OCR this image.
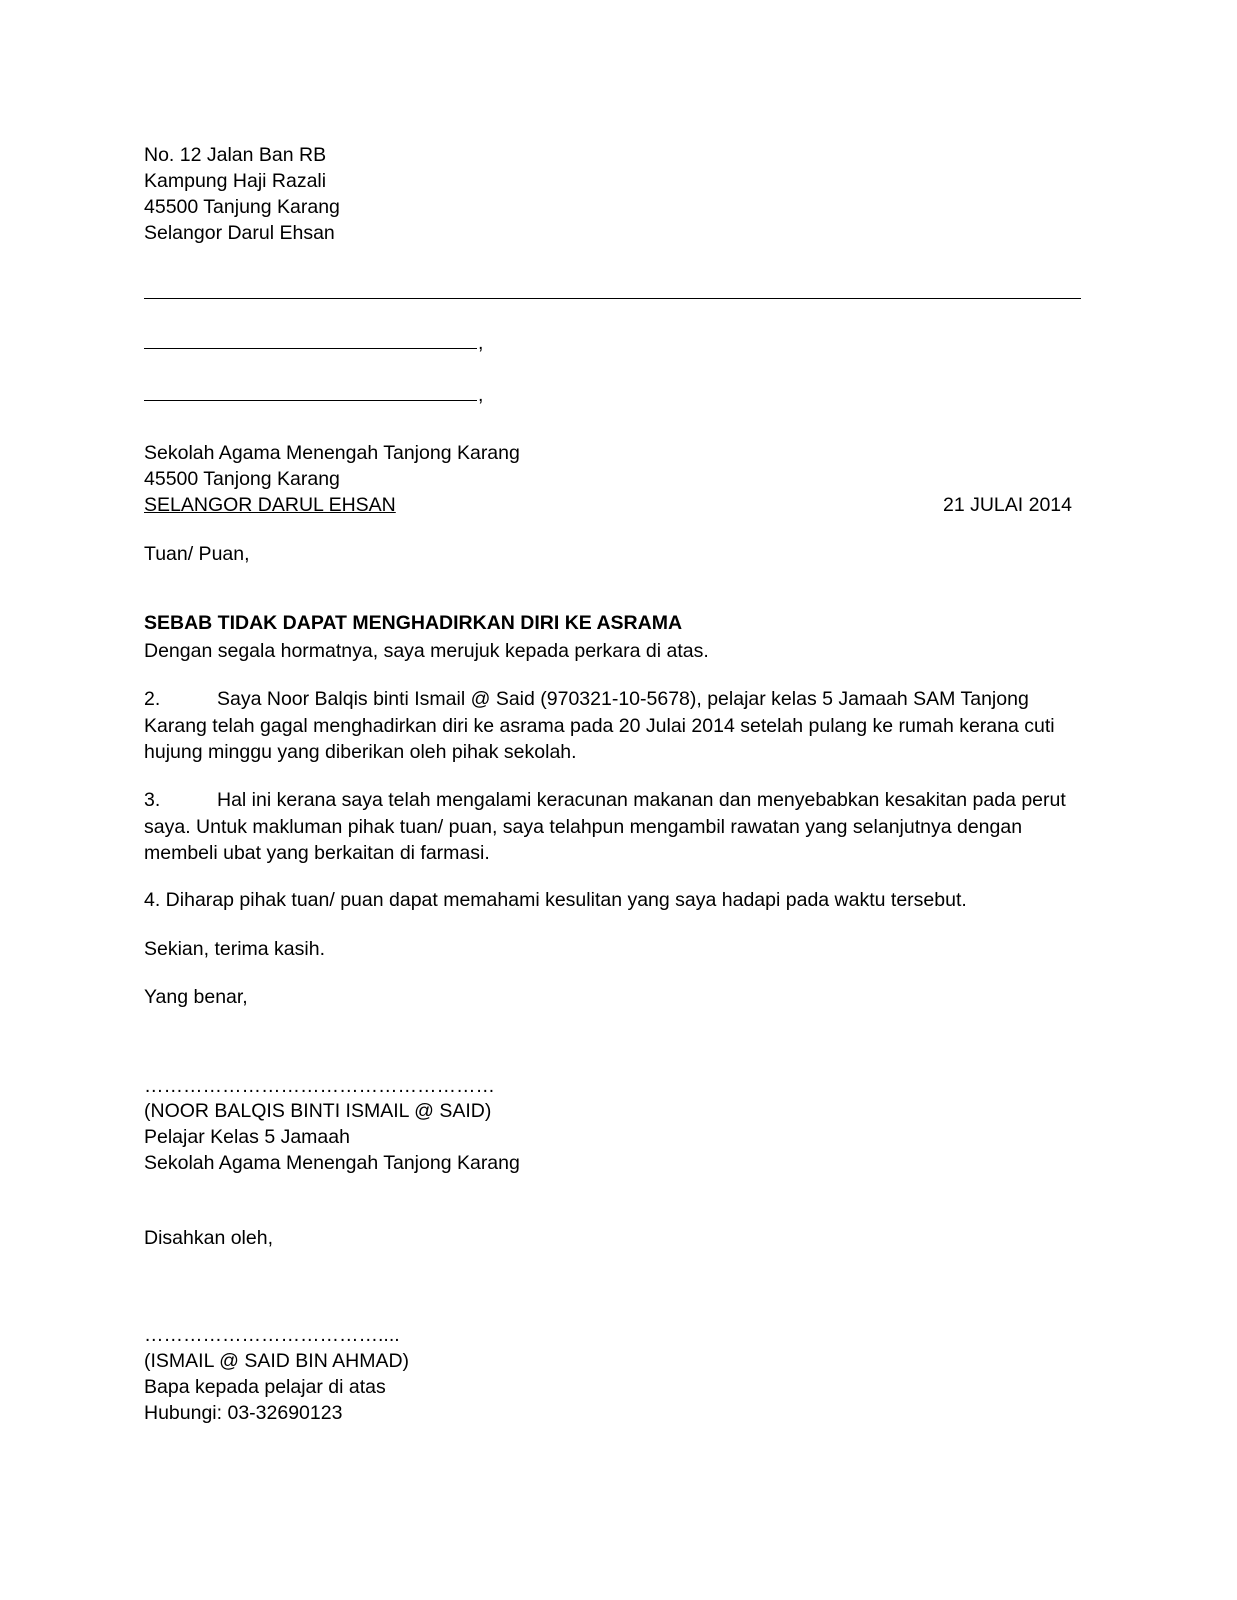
No. 12 Jalan Ban RB

Kampung Haji Razali

45500 Tanjung Karang

Selangor Darul Ehsan

,
,

Sekolah Agama Menengah Tanjong Karang

45500 Tanjong Karang

SELANGOR DARUL EHSAN	21 JULAI 2014

Tuan/ Puan,

SEBAB TIDAK DAPAT MENGHADIRKAN DIRI KE ASRAMA

Dengan segala hormatnya, saya merujuk kepada perkara di atas.

2.	Saya Noor Balqis binti Ismail @ Said (970321-10-5678), pelajar kelas 5 Jamaah SAM Tanjong Karang telah gagal menghadirkan diri ke asrama pada 20 Julai 2014 setelah pulang ke rumah kerana cuti hujung minggu yang diberikan oleh pihak sekolah.
3.	Hal ini kerana saya telah mengalami keracunan makanan dan menyebabkan kesakitan pada perut saya. Untuk makluman pihak tuan/ puan, saya telahpun mengambil rawatan yang selanjutnya dengan membeli ubat yang berkaitan di farmasi.

4. Diharap pihak tuan/ puan dapat memahami kesulitan yang saya hadapi pada waktu tersebut.

Sekian, terima kasih.

Yang benar,

………………………………………………

(NOOR BALQIS BINTI ISMAIL @ SAID)

Pelajar Kelas 5 Jamaah

Sekolah Agama Menengah Tanjong Karang

Disahkan oleh,

………………………………....

(ISMAIL @ SAID BIN AHMAD)

Bapa kepada pelajar di atas

Hubungi: 03-32690123
